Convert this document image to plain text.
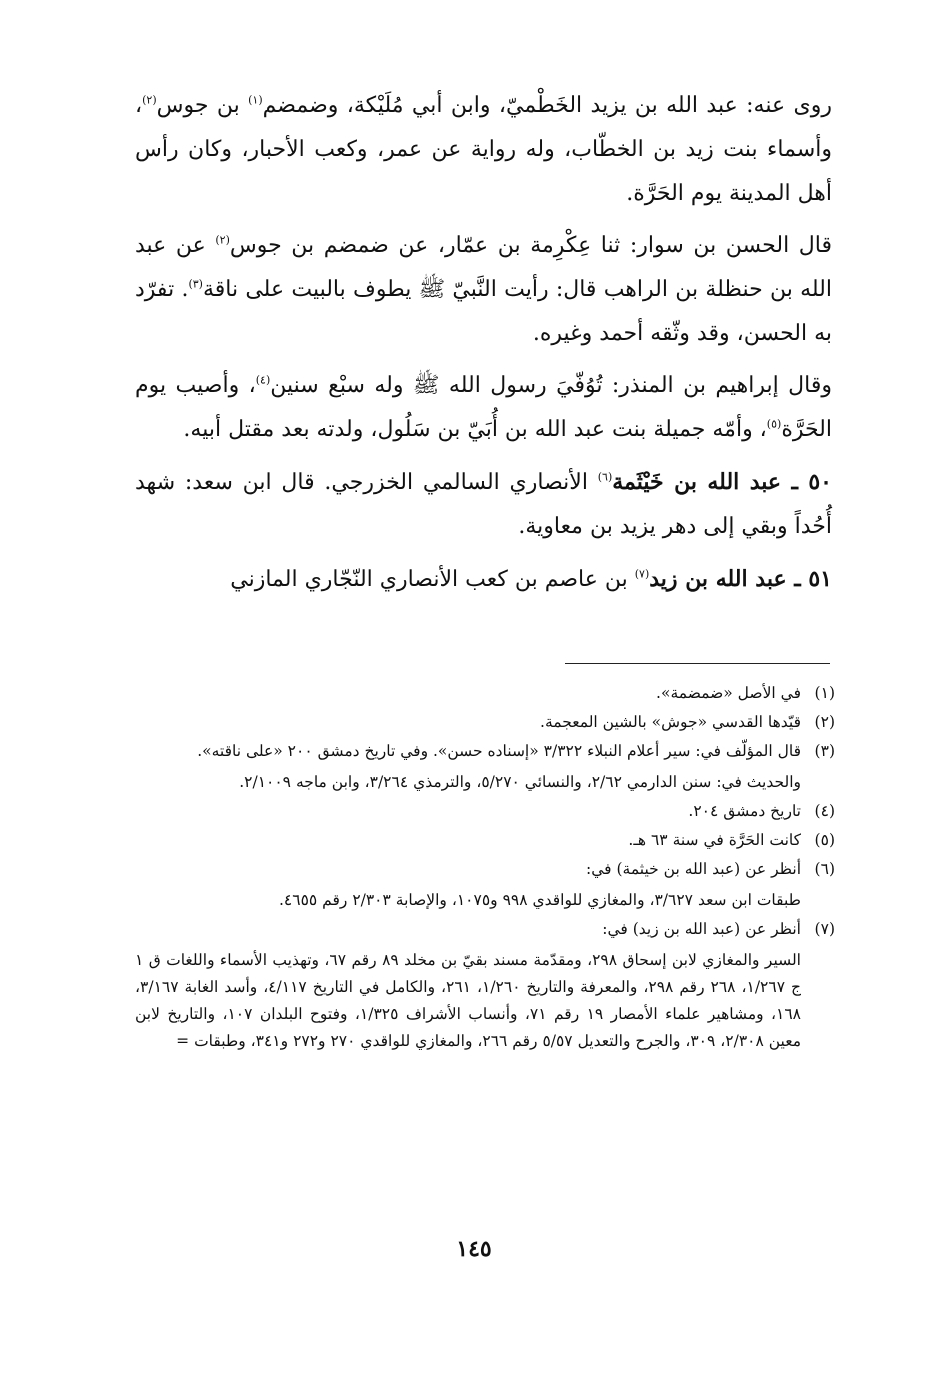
روى عنه: عبد الله بن يزيد الخَطْميّ، وابن أبي مُلَيْكة، وضمضم$^{(١)}$ بن جوس$^{(٢)}$، وأسماء بنت زيد بن الخطّاب، وله رواية عن عمر، وكعب الأحبار، وكان رأس أهل المدينة يوم الحَرَّة.

قال الحسن بن سوار: ثنا عِكْرِمة بن عمّار، عن ضمضم بن جوس$^{(٢)}$ عن عبد الله بن حنظلة بن الراهب قال: رأيت النَّبيّ ﷺ يطوف بالبيت على ناقة$^{(٣)}$. تفرّد به الحسن، وقد وثّقه أحمد وغيره.

وقال إبراهيم بن المنذر: تُوُفّيَ رسول الله ﷺ وله سبْع سنين$^{(٤)}$، وأصيب يوم الحَرَّة$^{(٥)}$، وأمّه جميلة بنت عبد الله بن أُبَيّ بن سَلُول، ولدته بعد مقتل أبيه.

٥٠ ـ عبد الله بن خَيْثَمة$^{(٦)}$ الأنصاري السالمي الخزرجي. قال ابن سعد: شهد أُحُداً وبقي إلى دهر يزيد بن معاوية.

٥١ ـ عبد الله بن زيد$^{(٧)}$ بن عاصم بن كعب الأنصاري النّجّاري المازني

(١)
في الأصل «ضمضمة».
(٢)
قيّدها القدسي «جوش» بالشين المعجمة.
(٣)
قال المؤلّف في: سير أعلام النبلاء ٣/٣٢٢ «إسناده حسن». وفي تاريخ دمشق ٢٠٠ «على ناقته».
والحديث في: سنن الدارمي ٢/٦٢، والنسائي ٥/٢٧٠، والترمذي ٣/٢٦٤، وابن ماجه ٢/١٠٠٩.
(٤)
تاريخ دمشق ٢٠٤.
(٥)
كانت الحَرَّة في سنة ٦٣ هـ.
(٦)
أنظر عن (عبد الله بن خيثمة) في:
طبقات ابن سعد ٣/٦٢٧، والمغازي للواقدي ٩٩٨ و١٠٧٥، والإصابة ٢/٣٠٣ رقم ٤٦٥٥.
(٧)
أنظر عن (عبد الله بن زيد) في:
السير والمغازي لابن إسحاق ٢٩٨، ومقدّمة مسند بقيّ بن مخلد ٨٩ رقم ٦٧، وتهذيب الأسماء واللغات ق ١ ج ١/٢٦٧، ٢٦٨ رقم ٢٩٨، والمعرفة والتاريخ ١/٢٦٠، ٢٦١، والكامل في التاريخ ٤/١١٧، وأسد الغابة ٣/١٦٧، ١٦٨، ومشاهير علماء الأمصار ١٩ رقم ٧١، وأنساب الأشراف ١/٣٢٥، وفتوح البلدان ١٠٧، والتاريخ لابن معين ٢/٣٠٨، ٣٠٩، والجرح والتعديل ٥/٥٧ رقم ٢٦٦، والمغازي للواقدي ٢٧٠ و٢٧٢ و٣٤١، وطبقات =
١٤٥
